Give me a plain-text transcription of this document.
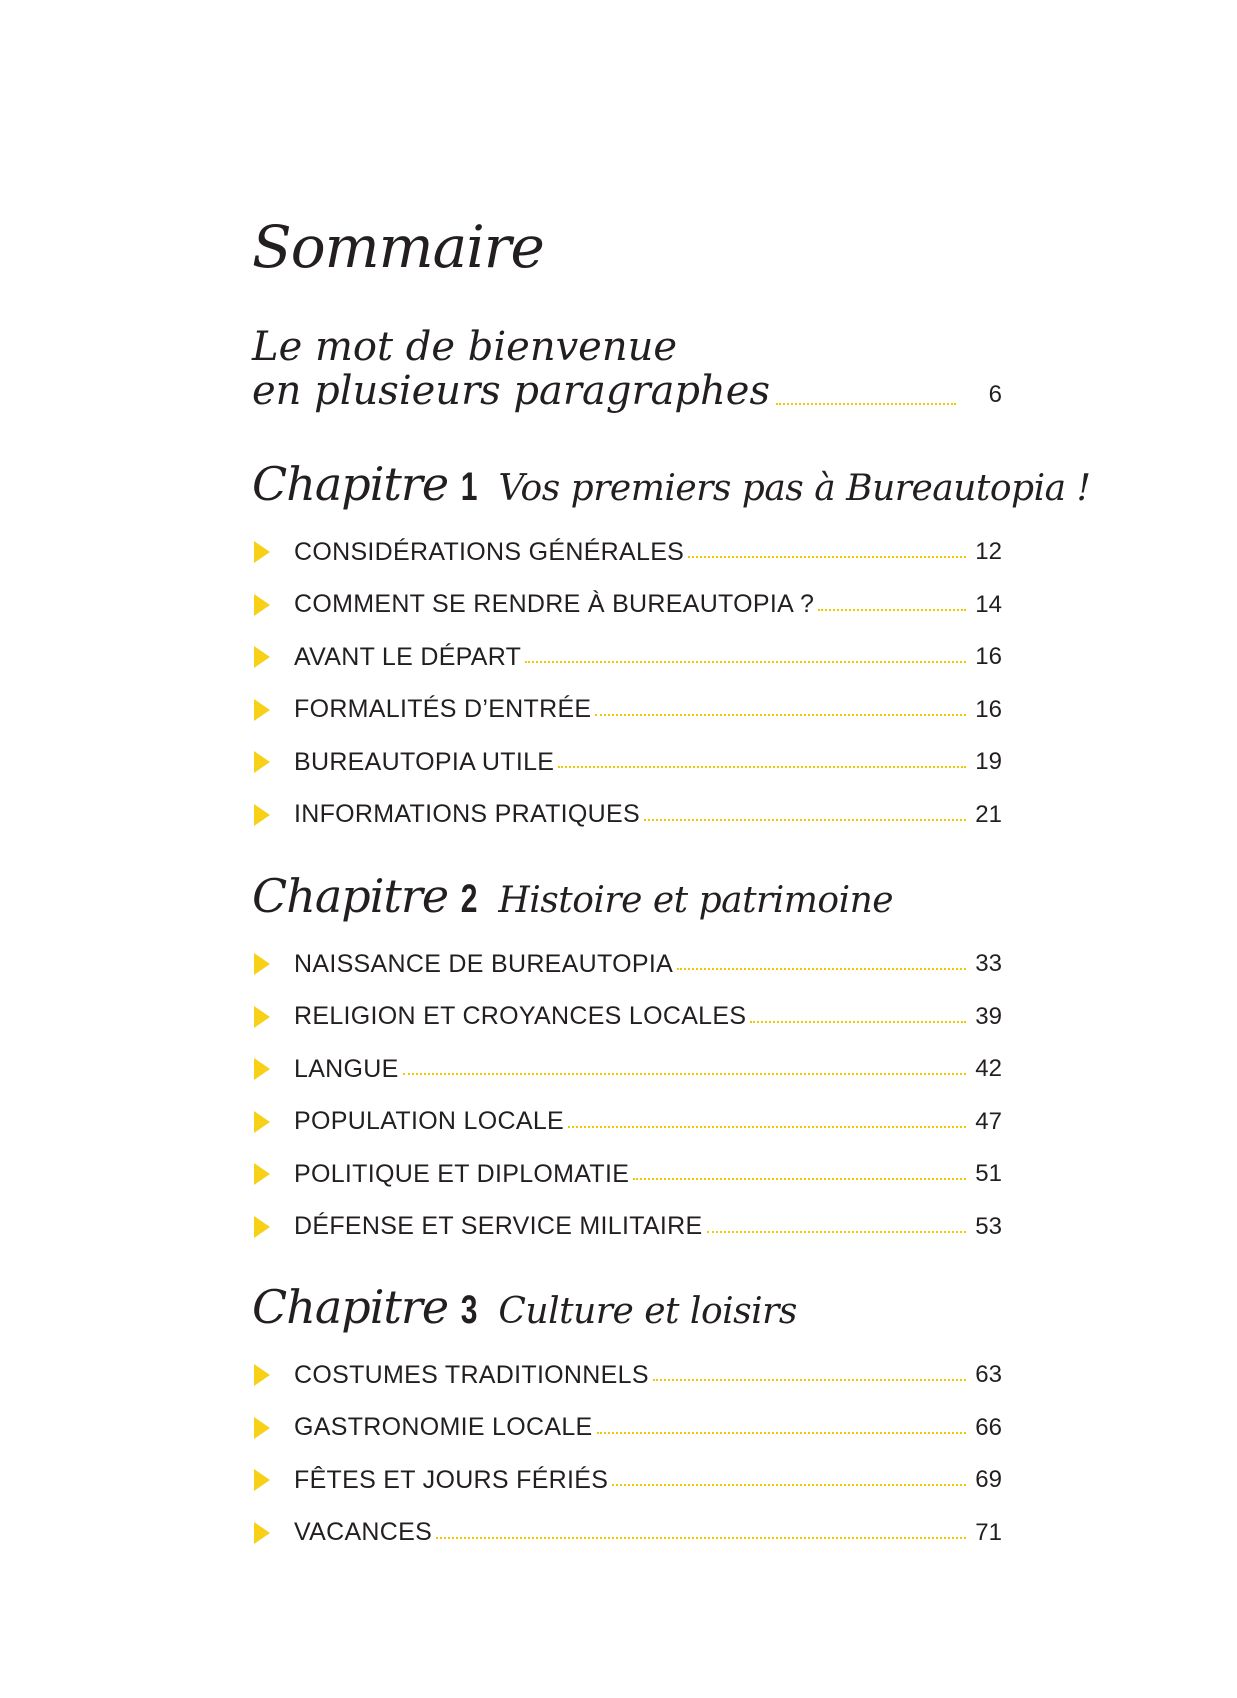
Sommaire
Le mot de bienvenue
en plusieurs paragraphes	6
Chapitre 1 Vos premiers pas à Bureautopia !
CONSIDÉRATIONS GÉNÉRALES	12
COMMENT SE RENDRE À BUREAUTOPIA ?	14
AVANT LE DÉPART	16
FORMALITÉS D’ENTRÉE	16
BUREAUTOPIA UTILE	19
INFORMATIONS PRATIQUES	21
Chapitre 2 Histoire et patrimoine
NAISSANCE DE BUREAUTOPIA	33
RELIGION ET CROYANCES LOCALES	39
LANGUE	42
POPULATION LOCALE	47
POLITIQUE ET DIPLOMATIE	51
DÉFENSE ET SERVICE MILITAIRE	53
Chapitre 3 Culture et loisirs
COSTUMES TRADITIONNELS	63
GASTRONOMIE LOCALE	66
FÊTES ET JOURS FÉRIÉS	69
VACANCES	71
